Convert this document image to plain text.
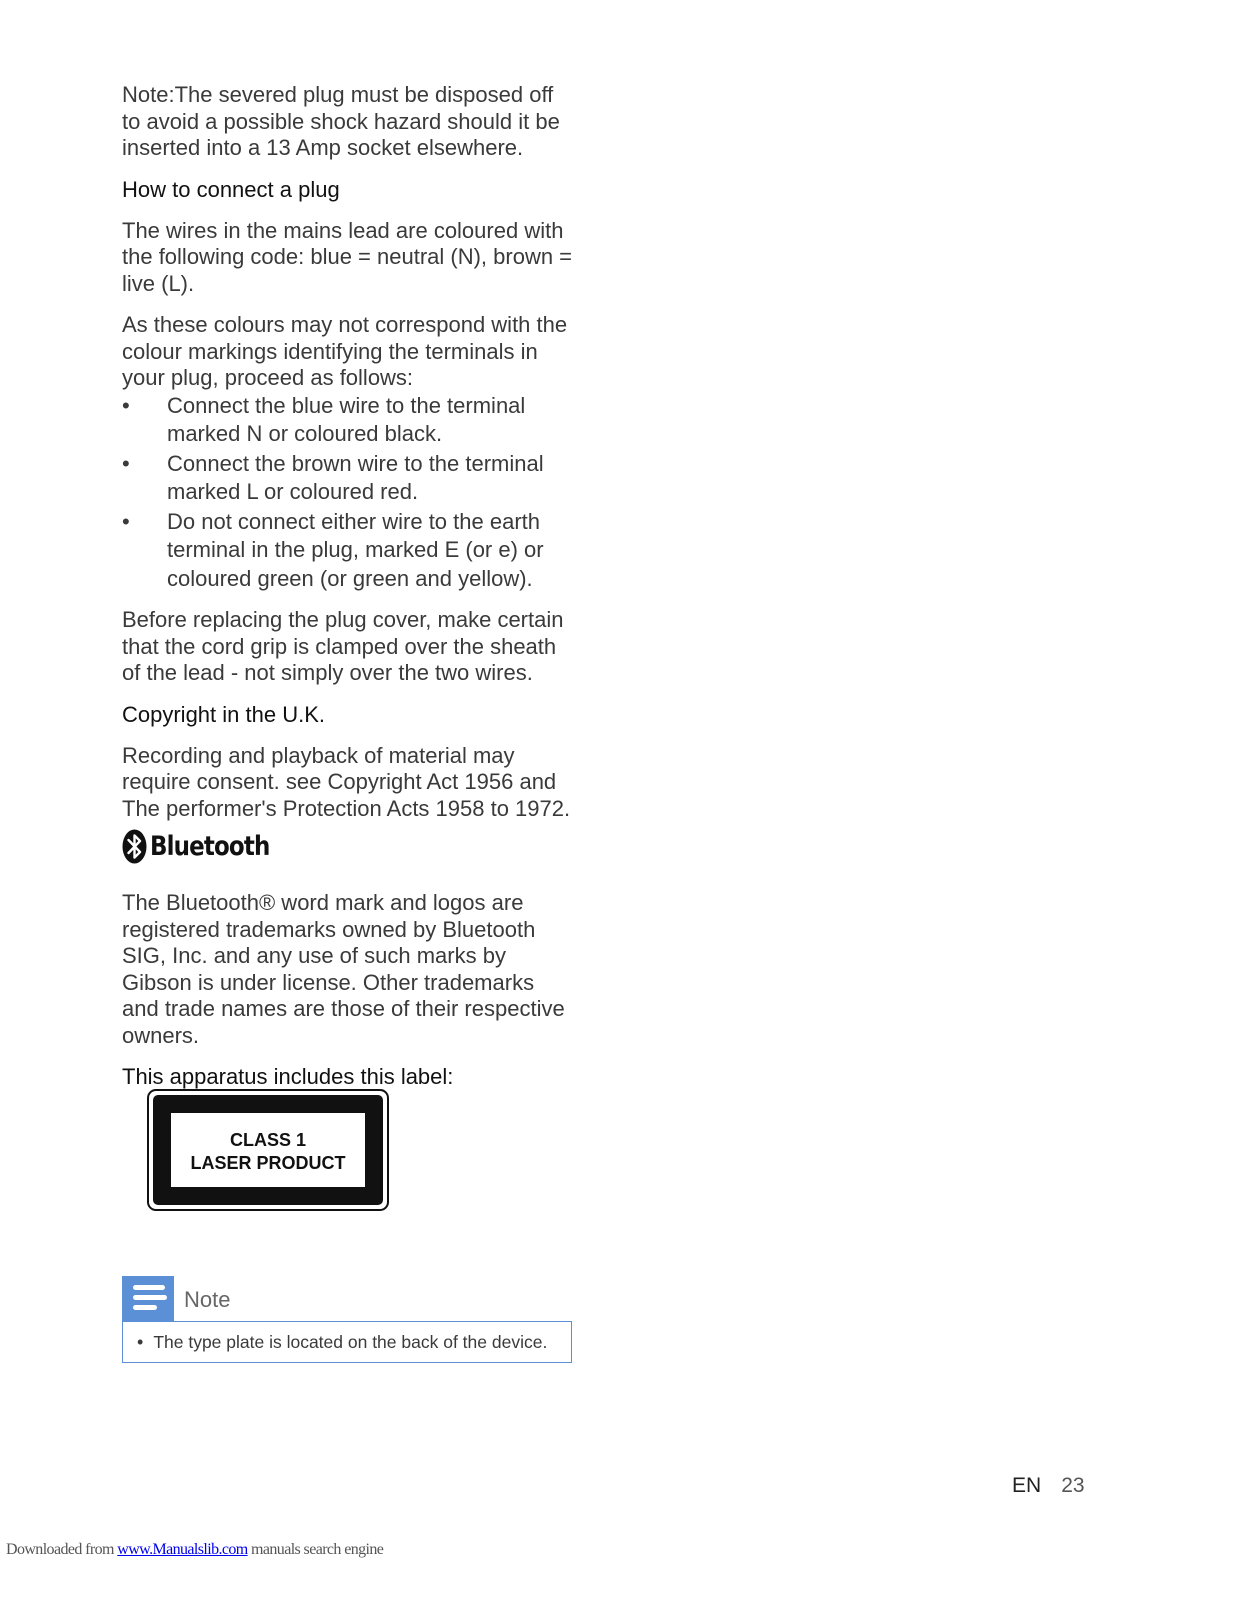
Note:The severed plug must be disposed off to avoid a possible shock hazard should it be inserted into a 13 Amp socket elsewhere.

How to connect a plug

The wires in the mains lead are coloured with the following code: blue = neutral (N), brown = live (L).

As these colours may not correspond with the colour markings identifying the terminals in your plug, proceed as follows:

• Connect the blue wire to the terminal marked N or coloured black.
• Connect the brown wire to the terminal marked L or coloured red.
• Do not connect either wire to the earth terminal in the plug, marked E (or e) or coloured green (or green and yellow).

Before replacing the plug cover, make certain that the cord grip is clamped over the sheath of the lead - not simply over the two wires.

Copyright in the U.K.

Recording and playback of material may require consent. see Copyright Act 1956 and The performer's Protection Acts 1958 to 1972.

Bluetooth

The Bluetooth® word mark and logos are registered trademarks owned by Bluetooth SIG, Inc. and any use of such marks by Gibson is under license. Other trademarks and trade names are those of their respective owners.

This apparatus includes this label:
CLASS 1
LASER PRODUCT
Note
• The type plate is located on the back of the device.
EN 23
Downloaded from www.Manualslib.com manuals search engine
